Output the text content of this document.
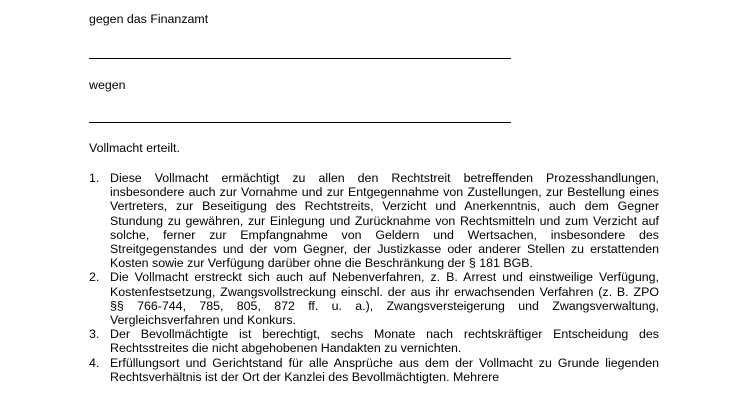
gegen das Finanzamt
wegen
Vollmacht erteilt.
1. Diese Vollmacht ermächtigt zu allen den Rechtstreit betreffenden Prozesshandlungen, insbesondere auch zur Vornahme und zur Entgegennahme von Zustellungen, zur Bestellung eines Vertreters, zur Beseitigung des Rechtstreits, Verzicht und Anerkenntnis, auch dem Gegner Stundung zu gewähren, zur Einlegung und Zurücknahme von Rechtsmitteln und zum Verzicht auf solche, ferner zur Empfangnahme von Geldern und Wertsachen, insbesondere des Streitgegenstandes und der vom Gegner, der Justizkasse oder anderer Stellen zu erstattenden Kosten sowie zur Verfügung darüber ohne die Beschränkung der § 181 BGB.
2. Die Vollmacht erstreckt sich auch auf Nebenverfahren, z. B. Arrest und einstweilige Verfügung, Kostenfestsetzung, Zwangsvollstreckung einschl. der aus ihr erwachsenden Verfahren (z. B. ZPO §§ 766-744, 785, 805, 872 ff. u. a.), Zwangsversteigerung und Zwangsverwaltung, Vergleichsverfahren und Konkurs.
3. Der Bevollmächtigte ist berechtigt, sechs Monate nach rechtskräftiger Entscheidung des Rechtsstreites die nicht abgehobenen Handakten zu vernichten.
4. Erfüllungsort und Gerichtstand für alle Ansprüche aus dem der Vollmacht zu Grunde liegenden Rechtsverhältnis ist der Ort der Kanzlei des Bevollmächtigten. Mehrere
